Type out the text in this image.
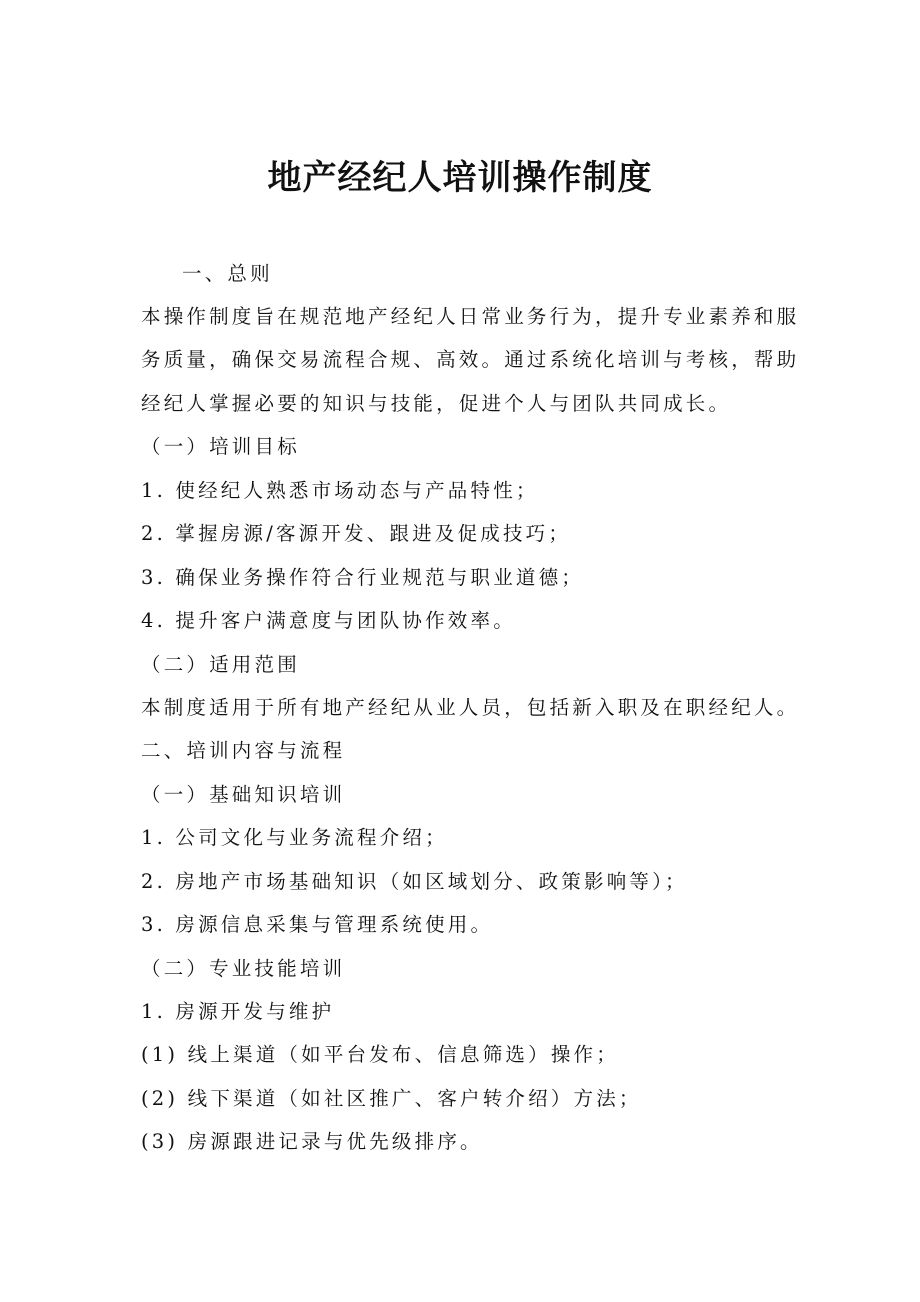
地产经纪人培训操作制度
一、总则
本操作制度旨在规范地产经纪人日常业务行为，提升专业素养和服
务质量，确保交易流程合规、高效。通过系统化培训与考核，帮助
经纪人掌握必要的知识与技能，促进个人与团队共同成长。
（一）培训目标
1. 使经纪人熟悉市场动态与产品特性；
2. 掌握房源/客源开发、跟进及促成技巧；
3. 确保业务操作符合行业规范与职业道德；
4. 提升客户满意度与团队协作效率。
（二）适用范围
本制度适用于所有地产经纪从业人员，包括新入职及在职经纪人。
二、培训内容与流程
（一）基础知识培训
1. 公司文化与业务流程介绍；
2. 房地产市场基础知识（如区域划分、政策影响等）；
3. 房源信息采集与管理系统使用。
（二）专业技能培训
1. 房源开发与维护
(1) 线上渠道（如平台发布、信息筛选）操作；
(2) 线下渠道（如社区推广、客户转介绍）方法；
(3) 房源跟进记录与优先级排序。
